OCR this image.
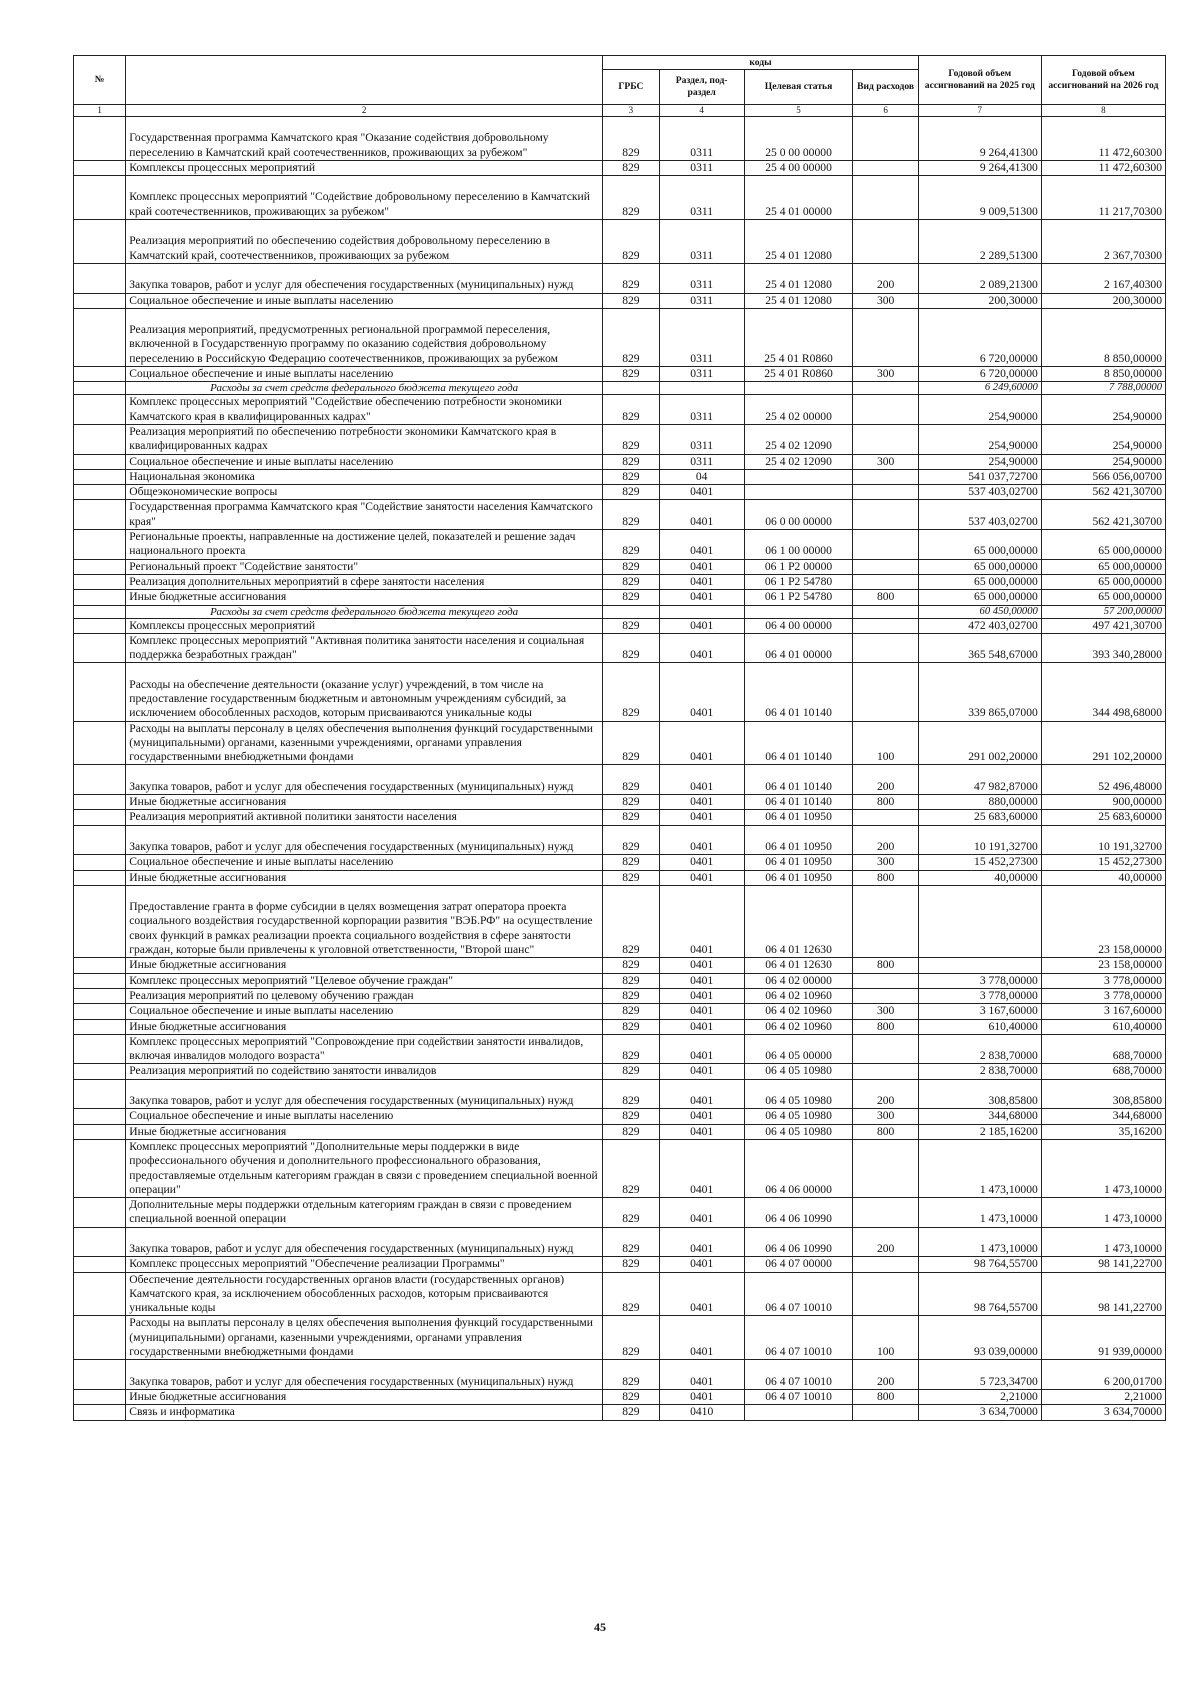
№		коды				Годовой объем ассигнований на 2025 год	Годовой объем ассигнований на 2026 год
		ГРБС	Раздел, под-раздел	Целевая статья	Вид расходов		
1	2	3	4	5	6	7	8
	Государственная программа Камчатского края "Оказание содействия добровольному переселению в Камчатский край соотечественников, проживающих за рубежом"	829	0311	25 0 00 00000		9 264,41300	11 472,60300
	Комплексы процессных мероприятий	829	0311	25 4 00 00000		9 264,41300	11 472,60300
	Комплекс процессных мероприятий "Содействие добровольному переселению в Камчатский край соотечественников, проживающих за рубежом"	829	0311	25 4 01 00000		9 009,51300	11 217,70300
	Реализация мероприятий по обеспечению содействия добровольному переселению в Камчатский край, соотечественников, проживающих за рубежом	829	0311	25 4 01 12080		2 289,51300	2 367,70300
	Закупка товаров, работ и услуг для обеспечения государственных (муниципальных) нужд	829	0311	25 4 01 12080	200	2 089,21300	2 167,40300
	Социальное обеспечение и иные выплаты населению	829	0311	25 4 01 12080	300	200,30000	200,30000
	Реализация мероприятий, предусмотренных региональной программой переселения, включенной в Государственную программу по оказанию содействия добровольному переселению в Российскую Федерацию соотечественников, проживающих за рубежом	829	0311	25 4 01 R0860		6 720,00000	8 850,00000
	Социальное обеспечение и иные выплаты населению	829	0311	25 4 01 R0860	300	6 720,00000	8 850,00000
	Расходы за счет средств федерального бюджета текущего года					6 249,60000	7 788,00000
	Комплекс процессных мероприятий "Содействие обеспечению потребности экономики Камчатского края в квалифицированных кадрах"	829	0311	25 4 02 00000		254,90000	254,90000
	Реализация мероприятий по обеспечению потребности экономики Камчатского края в квалифицированных кадрах	829	0311	25 4 02 12090		254,90000	254,90000
	Социальное обеспечение и иные выплаты населению	829	0311	25 4 02 12090	300	254,90000	254,90000
	Национальная экономика	829	04			541 037,72700	566 056,00700
	Общеэкономические вопросы	829	0401			537 403,02700	562 421,30700
	Государственная программа Камчатского края "Содействие занятости населения Камчатского края"	829	0401	06 0 00 00000		537 403,02700	562 421,30700
	Региональные проекты, направленные на достижение целей, показателей и решение задач национального проекта	829	0401	06 1 00 00000		65 000,00000	65 000,00000
	Региональный проект "Содействие занятости"	829	0401	06 1 Р2 00000		65 000,00000	65 000,00000
	Реализация дополнительных мероприятий в сфере занятости населения	829	0401	06 1 Р2 54780		65 000,00000	65 000,00000
	Иные бюджетные ассигнования	829	0401	06 1 Р2 54780	800	65 000,00000	65 000,00000
	Расходы за счет средств федерального бюджета текущего года					60 450,00000	57 200,00000
	Комплексы процессных мероприятий	829	0401	06 4 00 00000		472 403,02700	497 421,30700
	Комплекс процессных мероприятий "Активная политика занятости населения и социальная поддержка безработных граждан"	829	0401	06 4 01 00000		365 548,67000	393 340,28000
	Расходы на обеспечение деятельности (оказание услуг) учреждений, в том числе на предоставление государственным бюджетным и автономным учреждениям субсидий, за исключением обособленных расходов, которым присваиваются уникальные коды	829	0401	06 4 01 10140		339 865,07000	344 498,68000
	Расходы на выплаты персоналу в целях обеспечения выполнения функций государственными (муниципальными) органами, казенными учреждениями, органами управления государственными внебюджетными фондами	829	0401	06 4 01 10140	100	291 002,20000	291 102,20000
	Закупка товаров, работ и услуг для обеспечения государственных (муниципальных) нужд	829	0401	06 4 01 10140	200	47 982,87000	52 496,48000
	Иные бюджетные ассигнования	829	0401	06 4 01 10140	800	880,00000	900,00000
	Реализация мероприятий активной политики занятости населения	829	0401	06 4 01 10950		25 683,60000	25 683,60000
	Закупка товаров, работ и услуг для обеспечения государственных (муниципальных) нужд	829	0401	06 4 01 10950	200	10 191,32700	10 191,32700
	Социальное обеспечение и иные выплаты населению	829	0401	06 4 01 10950	300	15 452,27300	15 452,27300
	Иные бюджетные ассигнования	829	0401	06 4 01 10950	800	40,00000	40,00000
	Предоставление гранта в форме субсидии в целях возмещения затрат оператора проекта социального воздействия государственной корпорации развития "ВЭБ.РФ" на осуществление своих функций в рамках реализации проекта социального воздействия в сфере занятости граждан, которые были привлечены к уголовной ответственности, "Второй шанс"	829	0401	06 4 01 12630			23 158,00000
	Иные бюджетные ассигнования	829	0401	06 4 01 12630	800		23 158,00000
	Комплекс процессных мероприятий "Целевое обучение граждан"	829	0401	06 4 02 00000		3 778,00000	3 778,00000
	Реализация мероприятий по целевому обучению граждан	829	0401	06 4 02 10960		3 778,00000	3 778,00000
	Социальное обеспечение и иные выплаты населению	829	0401	06 4 02 10960	300	3 167,60000	3 167,60000
	Иные бюджетные ассигнования	829	0401	06 4 02 10960	800	610,40000	610,40000
	Комплекс процессных мероприятий "Сопровождение при содействии занятости инвалидов, включая инвалидов молодого возраста"	829	0401	06 4 05 00000		2 838,70000	688,70000
	Реализация мероприятий по содействию занятости инвалидов	829	0401	06 4 05 10980		2 838,70000	688,70000
	Закупка товаров, работ и услуг для обеспечения государственных (муниципальных) нужд	829	0401	06 4 05 10980	200	308,85800	308,85800
	Социальное обеспечение и иные выплаты населению	829	0401	06 4 05 10980	300	344,68000	344,68000
	Иные бюджетные ассигнования	829	0401	06 4 05 10980	800	2 185,16200	35,16200
	Комплекс процессных мероприятий "Дополнительные меры поддержки в виде профессионального обучения и дополнительного профессионального образования, предоставляемые отдельным категориям граждан в связи с проведением специальной военной операции"	829	0401	06 4 06 00000		1 473,10000	1 473,10000
	Дополнительные меры поддержки отдельным категориям граждан в связи с проведением специальной военной операции	829	0401	06 4 06 10990		1 473,10000	1 473,10000
	Закупка товаров, работ и услуг для обеспечения государственных (муниципальных) нужд	829	0401	06 4 06 10990	200	1 473,10000	1 473,10000
	Комплекс процессных мероприятий "Обеспечение реализации Программы"	829	0401	06 4 07 00000		98 764,55700	98 141,22700
	Обеспечение деятельности государственных органов власти (государственных органов) Камчатского края, за исключением обособленных расходов, которым присваиваются уникальные коды	829	0401	06 4 07 10010		98 764,55700	98 141,22700
	Расходы на выплаты персоналу в целях обеспечения выполнения функций государственными (муниципальными) органами, казенными учреждениями, органами управления государственными внебюджетными фондами	829	0401	06 4 07 10010	100	93 039,00000	91 939,00000
	Закупка товаров, работ и услуг для обеспечения государственных (муниципальных) нужд	829	0401	06 4 07 10010	200	5 723,34700	6 200,01700
	Иные бюджетные ассигнования	829	0401	06 4 07 10010	800	2,21000	2,21000
	Связь и информатика	829	0410			3 634,70000	3 634,70000
45
